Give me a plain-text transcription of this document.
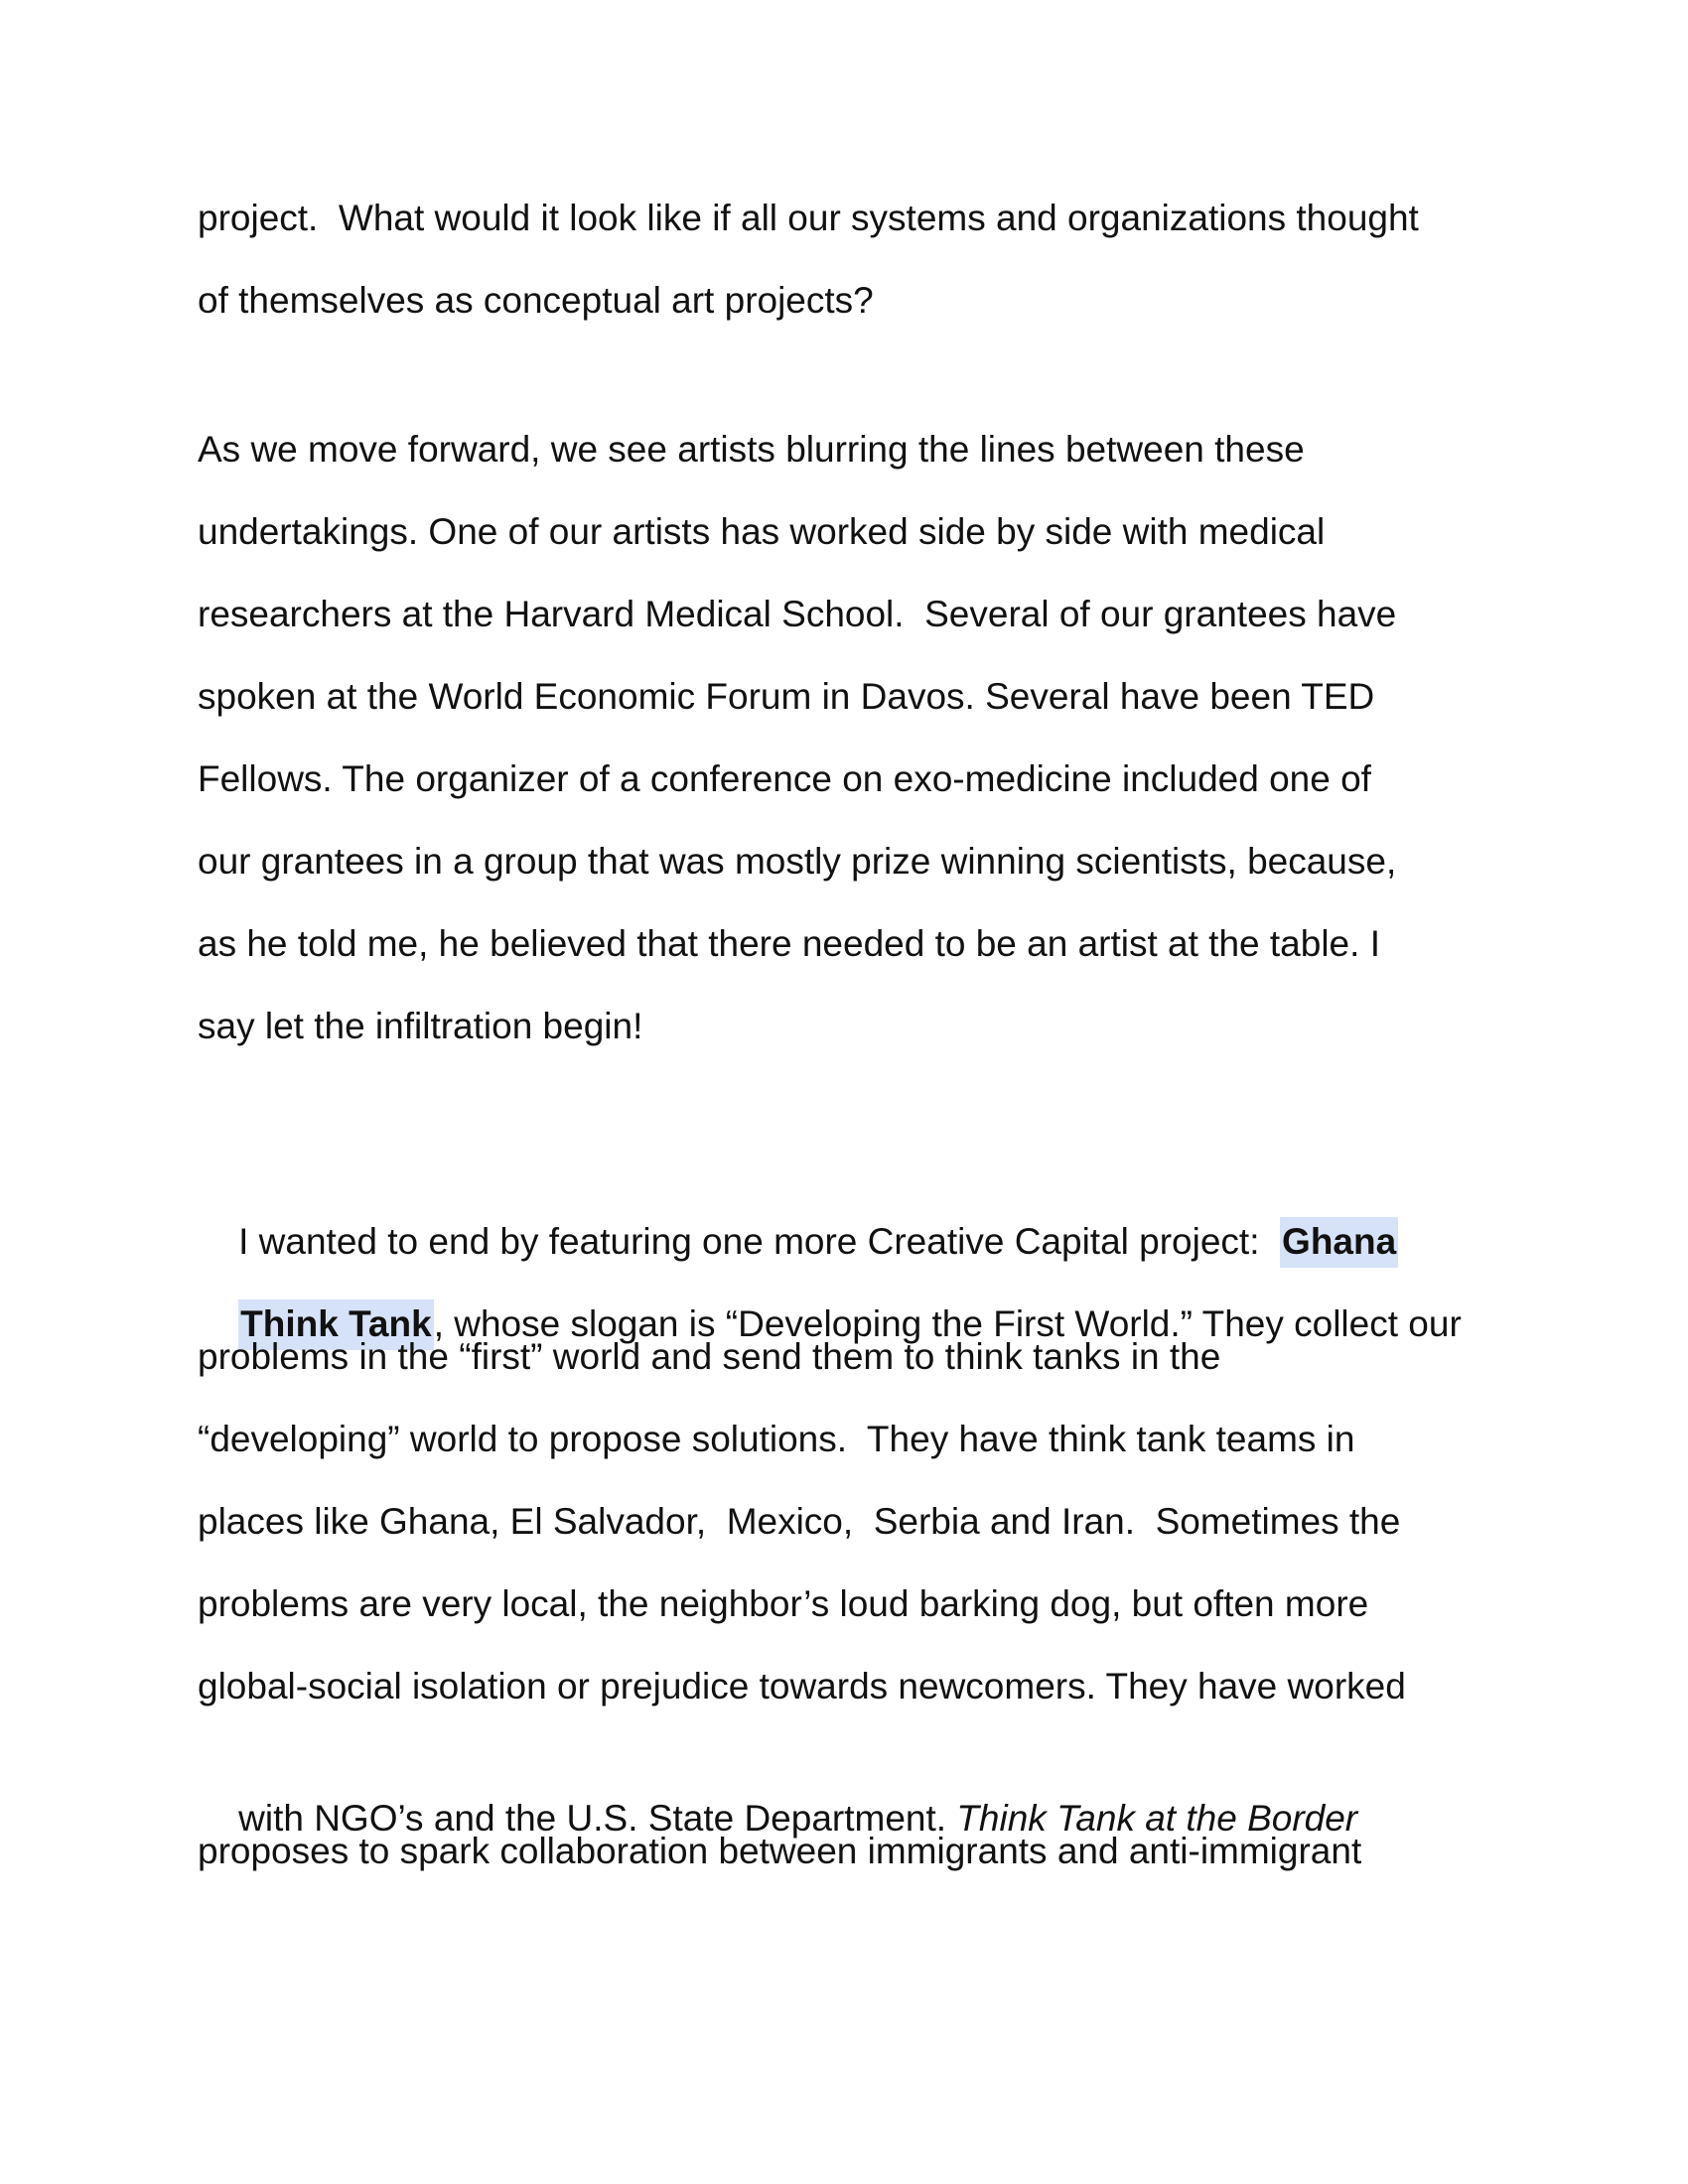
project.  What would it look like if all our systems and organizations thought
of themselves as conceptual art projects?
As we move forward, we see artists blurring the lines between these
undertakings. One of our artists has worked side by side with medical
researchers at the Harvard Medical School.  Several of our grantees have
spoken at the World Economic Forum in Davos. Several have been TED
Fellows. The organizer of a conference on exo-medicine included one of
our grantees in a group that was mostly prize winning scientists, because,
as he told me, he believed that there needed to be an artist at the table. I
say let the infiltration begin!

I wanted to end by featuring one more Creative Capital project:  Ghana

Think Tank, whose slogan is “Developing the First World.” They collect our

problems in the “first” world and send them to think tanks in the
“developing” world to propose solutions.  They have think tank teams in
places like Ghana, El Salvador,  Mexico,  Serbia and Iran.  Sometimes the
problems are very local, the neighbor’s loud barking dog, but often more
global-social isolation or prejudice towards newcomers. They have worked

with NGO’s and the U.S. State Department. Think Tank at the Border

proposes to spark collaboration between immigrants and anti-immigrant
